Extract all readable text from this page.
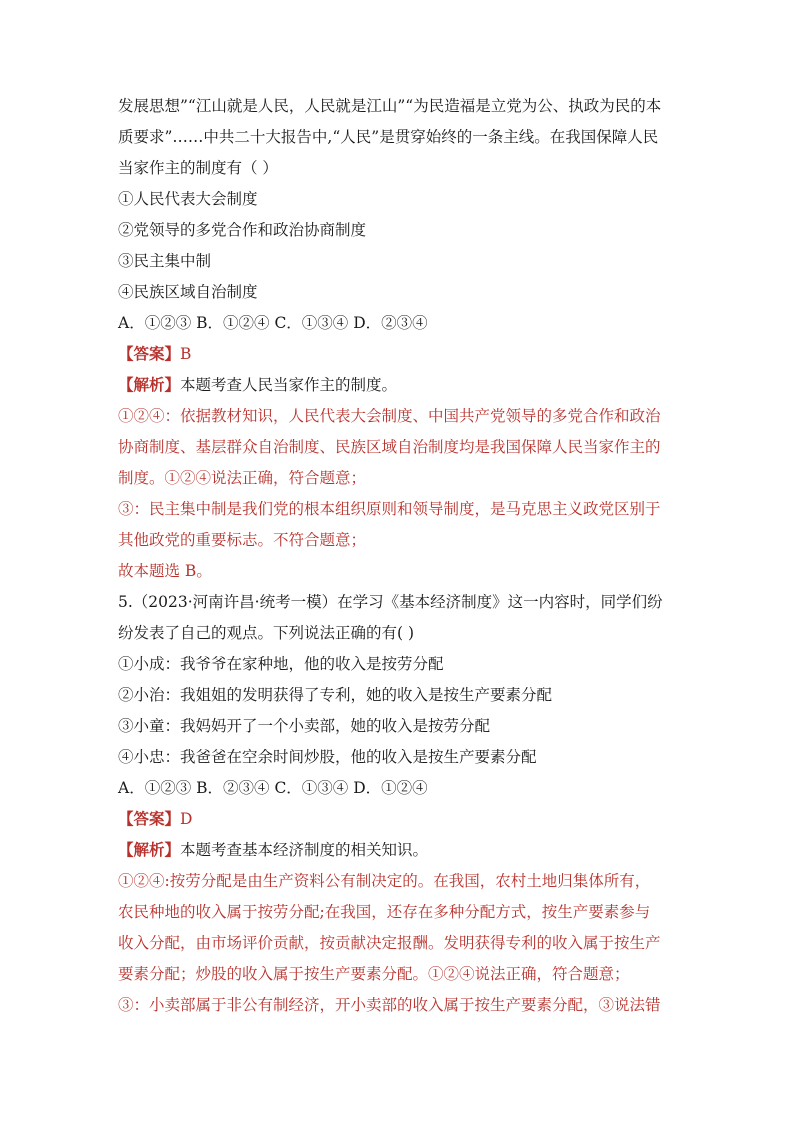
发展思想”“江山就是人民，人民就是江山”“为民造福是立党为公、执政为民的本
质要求”……中共二十大报告中,“人民”是贯穿始终的一条主线。在我国保障人民
当家作主的制度有（ ）
①人民代表大会制度
②党领导的多党合作和政治协商制度
③民主集中制
④民族区域自治制度
A．①②③ B．①②④ C．①③④ D．②③④
【答案】B
【解析】本题考查人民当家作主的制度。
①②④：依据教材知识，人民代表大会制度、中国共产党领导的多党合作和政治
协商制度、基层群众自治制度、民族区域自治制度均是我国保障人民当家作主的
制度。①②④说法正确，符合题意；
③：民主集中制是我们党的根本组织原则和领导制度，是马克思主义政党区别于
其他政党的重要标志。不符合题意；
故本题选 B。
5.（2023·河南许昌·统考一模）在学习《基本经济制度》这一内容时，同学们纷
纷发表了自己的观点。下列说法正确的有( )
①小成：我爷爷在家种地，他的收入是按劳分配
②小治：我姐姐的发明获得了专利，她的收入是按生产要素分配
③小童：我妈妈开了一个小卖部，她的收入是按劳分配
④小忠：我爸爸在空余时间炒股，他的收入是按生产要素分配
A．①②③ B．②③④ C．①③④ D．①②④
【答案】D
【解析】本题考查基本经济制度的相关知识。
①②④:按劳分配是由生产资料公有制决定的。在我国，农村土地归集体所有，
农民种地的收入属于按劳分配;在我国，还存在多种分配方式，按生产要素参与
收入分配，由市场评价贡献，按贡献决定报酬。发明获得专利的收入属于按生产
要素分配；炒股的收入属于按生产要素分配。①②④说法正确，符合题意；
③：小卖部属于非公有制经济，开小卖部的收入属于按生产要素分配，③说法错
